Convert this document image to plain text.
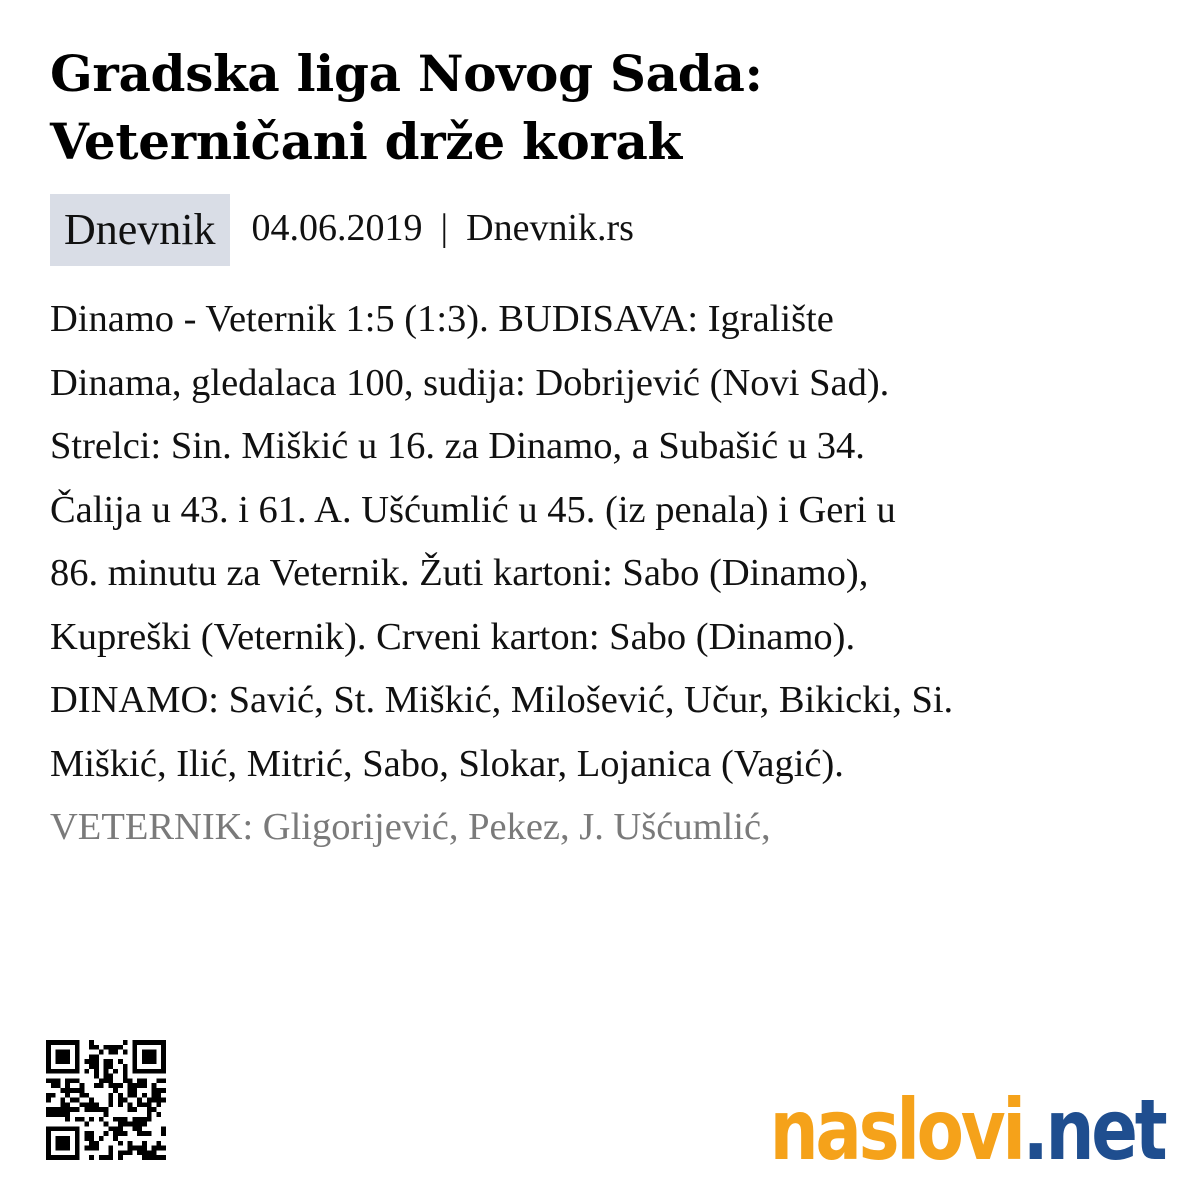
Gradska liga Novog Sada:
Veterničani drže korak
Dnevnik 04.06.2019 | Dnevnik.rs

Dinamo - Veternik 1:5 (1:3). BUDISAVA: Igralište

Dinama, gledalaca 100, sudija: Dobrijević (Novi Sad).

Strelci: Sin. Miškić u 16. za Dinamo, a Subašić u 34.

Čalija u 43. i 61. A. Ušćumlić u 45. (iz penala) i Geri u

86. minutu za Veternik. Žuti kartoni: Sabo (Dinamo),

Kupreški (Veternik). Crveni karton: Sabo (Dinamo).

DINAMO: Savić, St. Miškić, Milošević, Učur, Bikicki, Si.

Miškić, Ilić, Mitrić, Sabo, Slokar, Lojanica (Vagić).

VETERNIK: Gligorijević, Pekez, J. Ušćumlić,

naslovi .net
